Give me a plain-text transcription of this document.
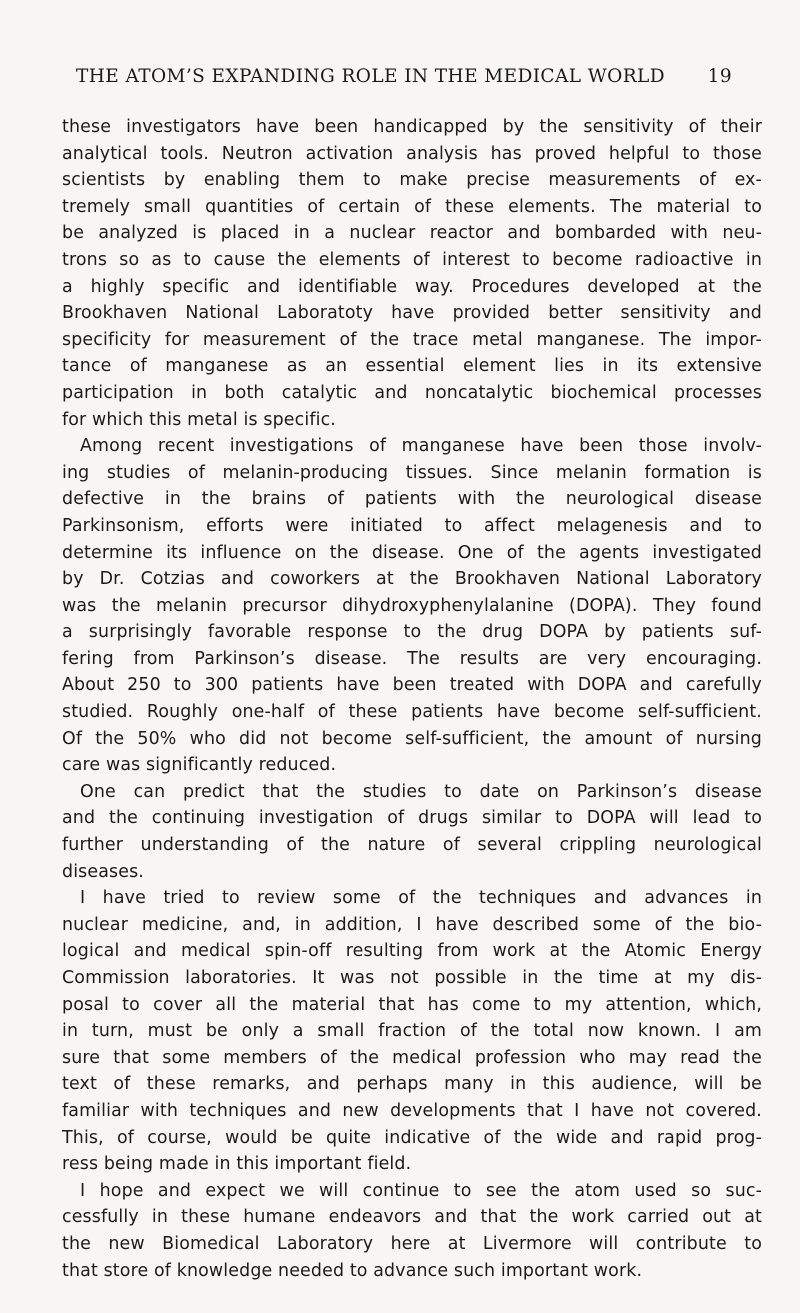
THE ATOM’S EXPANDING ROLE IN THE MEDICAL WORLD 19
these investigators have been handicapped by the sensitivity of their
analytical tools. Neutron activation analysis has proved helpful to those
scientists by enabling them to make precise measurements of ex-
tremely small quantities of certain of these elements. The material to
be analyzed is placed in a nuclear reactor and bombarded with neu-
trons so as to cause the elements of interest to become radioactive in
a highly specific and identifiable way. Procedures developed at the
Brookhaven National Laboratoty have provided better sensitivity and
specificity for measurement of the trace metal manganese. The impor-
tance of manganese as an essential element lies in its extensive
participation in both catalytic and noncatalytic biochemical processes
for which this metal is specific.
Among recent investigations of manganese have been those involv-
ing studies of melanin-producing tissues. Since melanin formation is
defective in the brains of patients with the neurological disease
Parkinsonism, efforts were initiated to affect melagenesis and to
determine its influence on the disease. One of the agents investigated
by Dr. Cotzias and coworkers at the Brookhaven National Laboratory
was the melanin precursor dihydroxyphenylalanine (DOPA). They found
a surprisingly favorable response to the drug DOPA by patients suf-
fering from Parkinson’s disease. The results are very encouraging.
About 250 to 300 patients have been treated with DOPA and carefully
studied. Roughly one-half of these patients have become self-sufficient.
Of the 50% who did not become self-sufficient, the amount of nursing
care was significantly reduced.
One can predict that the studies to date on Parkinson’s disease
and the continuing investigation of drugs similar to DOPA will lead to
further understanding of the nature of several crippling neurological
diseases.
I have tried to review some of the techniques and advances in
nuclear medicine, and, in addition, I have described some of the bio-
logical and medical spin-off resulting from work at the Atomic Energy
Commission laboratories. It was not possible in the time at my dis-
posal to cover all the material that has come to my attention, which,
in turn, must be only a small fraction of the total now known. I am
sure that some members of the medical profession who may read the
text of these remarks, and perhaps many in this audience, will be
familiar with techniques and new developments that I have not covered.
This, of course, would be quite indicative of the wide and rapid prog-
ress being made in this important field.
I hope and expect we will continue to see the atom used so suc-
cessfully in these humane endeavors and that the work carried out at
the new Biomedical Laboratory here at Livermore will contribute to
that store of knowledge needed to advance such important work.
